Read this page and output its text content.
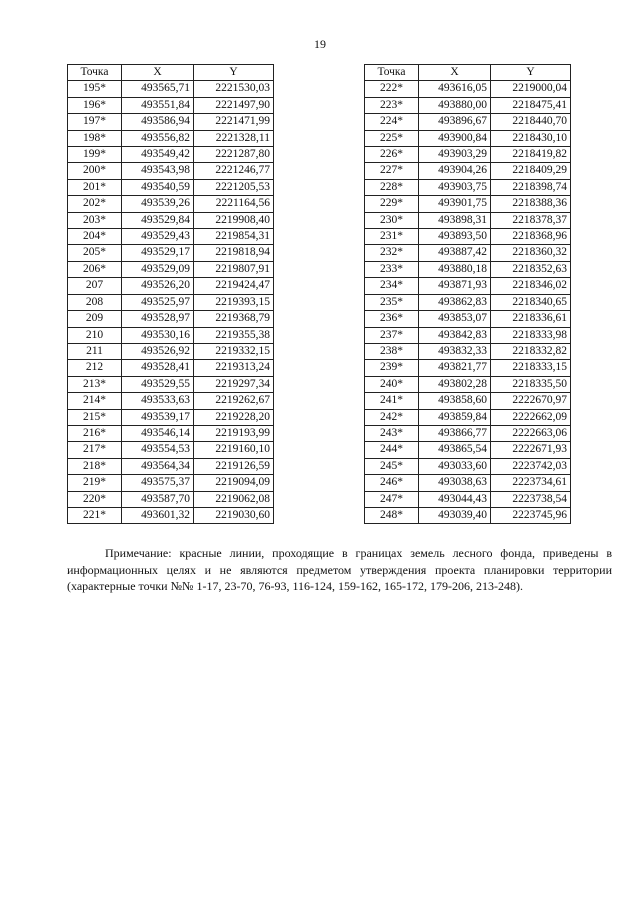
19
Точка	X	Y
195*	493565,71	2221530,03
196*	493551,84	2221497,90
197*	493586,94	2221471,99
198*	493556,82	2221328,11
199*	493549,42	2221287,80
200*	493543,98	2221246,77
201*	493540,59	2221205,53
202*	493539,26	2221164,56
203*	493529,84	2219908,40
204*	493529,43	2219854,31
205*	493529,17	2219818,94
206*	493529,09	2219807,91
207	493526,20	2219424,47
208	493525,97	2219393,15
209	493528,97	2219368,79
210	493530,16	2219355,38
211	493526,92	2219332,15
212	493528,41	2219313,24
213*	493529,55	2219297,34
214*	493533,63	2219262,67
215*	493539,17	2219228,20
216*	493546,14	2219193,99
217*	493554,53	2219160,10
218*	493564,34	2219126,59
219*	493575,37	2219094,09
220*	493587,70	2219062,08
221*	493601,32	2219030,60
Точка	X	Y
222*	493616,05	2219000,04
223*	493880,00	2218475,41
224*	493896,67	2218440,70
225*	493900,84	2218430,10
226*	493903,29	2218419,82
227*	493904,26	2218409,29
228*	493903,75	2218398,74
229*	493901,75	2218388,36
230*	493898,31	2218378,37
231*	493893,50	2218368,96
232*	493887,42	2218360,32
233*	493880,18	2218352,63
234*	493871,93	2218346,02
235*	493862,83	2218340,65
236*	493853,07	2218336,61
237*	493842,83	2218333,98
238*	493832,33	2218332,82
239*	493821,77	2218333,15
240*	493802,28	2218335,50
241*	493858,60	2222670,97
242*	493859,84	2222662,09
243*	493866,77	2222663,06
244*	493865,54	2222671,93
245*	493033,60	2223742,03
246*	493038,63	2223734,61
247*	493044,43	2223738,54
248*	493039,40	2223745,96
Примечание: красные линии, проходящие в границах земель лесного фонда, приведены в информационных целях и не являются предметом утверждения проекта планировки территории (характерные точки №№ 1-17, 23-70, 76-93, 116-124, 159-162, 165-172, 179-206, 213-248).
